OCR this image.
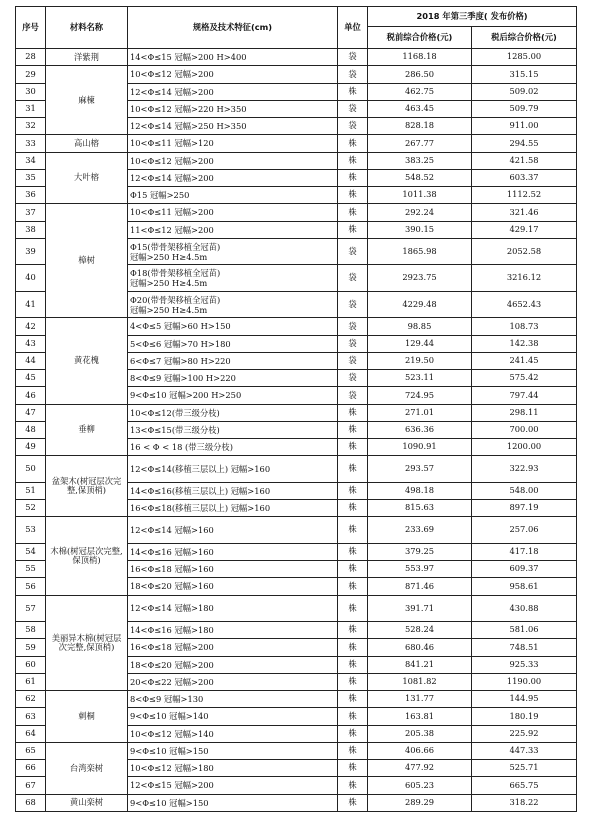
序号	材料名称	规格及技术特征(cm)	单位	2018 年第三季度( 发布价格)	
				税前综合价格(元)	税后综合价格(元)
28	洋紫荆	14<Φ≤15 冠幅>200 H>400	袋	1168.18	1285.00
29	麻楝	10<Φ≤12 冠幅>200	袋	286.50	315.15
30		12<Φ≤14 冠幅>200	株	462.75	509.02
31		10<Φ≤12 冠幅>220 H>350	袋	463.45	509.79
32		12<Φ≤14 冠幅>250 H>350	袋	828.18	911.00
33	高山榕	10<Φ≤11 冠幅>120	株	267.77	294.55
34	大叶榕	10<Φ≤12 冠幅>200	株	383.25	421.58
35		12<Φ≤14 冠幅>200	株	548.52	603.37
36		Φ15 冠幅>250	株	1011.38	1112.52
37	樟树	10<Φ≤11 冠幅>200	株	292.24	321.46
38		11<Φ≤12 冠幅>200	株	390.15	429.17
39		Φ15(带骨架移植全冠苗)
冠幅>250 H≥4.5m	袋	1865.98	2052.58
40		Φ18(带骨架移植全冠苗)
冠幅>250 H≥4.5m	袋	2923.75	3216.12
41		Φ20(带骨架移植全冠苗)
冠幅>250 H≥4.5m	袋	4229.48	4652.43
42	黄花槐	4<Φ≤5 冠幅>60 H>150	袋	98.85	108.73
43		5<Φ≤6 冠幅>70 H>180	袋	129.44	142.38
44		6<Φ≤7 冠幅>80 H>220	袋	219.50	241.45
45		8<Φ≤9 冠幅>100 H>220	袋	523.11	575.42
46		9<Φ≤10 冠幅>200 H>250	袋	724.95	797.44
47	垂柳	10<Φ≤12(带三级分枝)	株	271.01	298.11
48		13<Φ≤15(带三级分枝)	株	636.36	700.00
49		16 < Φ < 18 (带三级分枝)	株	1090.91	1200.00
50	盆架木(树冠层次完整,保顶梢)	12<Φ≤14(移植三层以上) 冠幅>160	株	293.57	322.93
51		14<Φ≤16(移植三层以上) 冠幅>160	株	498.18	548.00
52		16<Φ≤18(移植三层以上) 冠幅>160	株	815.63	897.19
53	木棉(树冠层次完整,保顶梢)	12<Φ≤14 冠幅>160	株	233.69	257.06
54		14<Φ≤16 冠幅>160	株	379.25	417.18
55		16<Φ≤18 冠幅>160	株	553.97	609.37
56		18<Φ≤20 冠幅>160	株	871.46	958.61
57	美丽异木棉(树冠层次完整,保顶梢)	12<Φ≤14 冠幅>180	株	391.71	430.88
58		14<Φ≤16 冠幅>180	株	528.24	581.06
59		16<Φ≤18 冠幅>200	株	680.46	748.51
60		18<Φ≤20 冠幅>200	株	841.21	925.33
61		20<Φ≤22 冠幅>200	株	1081.82	1190.00
62	刺桐	8<Φ≤9 冠幅>130	株	131.77	144.95
63		9<Φ≤10 冠幅>140	株	163.81	180.19
64		10<Φ≤12 冠幅>140	株	205.38	225.92
65	台湾栾树	9<Φ≤10 冠幅>150	株	406.66	447.33
66		10<Φ≤12 冠幅>180	株	477.92	525.71
67		12<Φ≤15 冠幅>200	株	605.23	665.75
68	黄山栾树	9<Φ≤10 冠幅>150	株	289.29	318.22
